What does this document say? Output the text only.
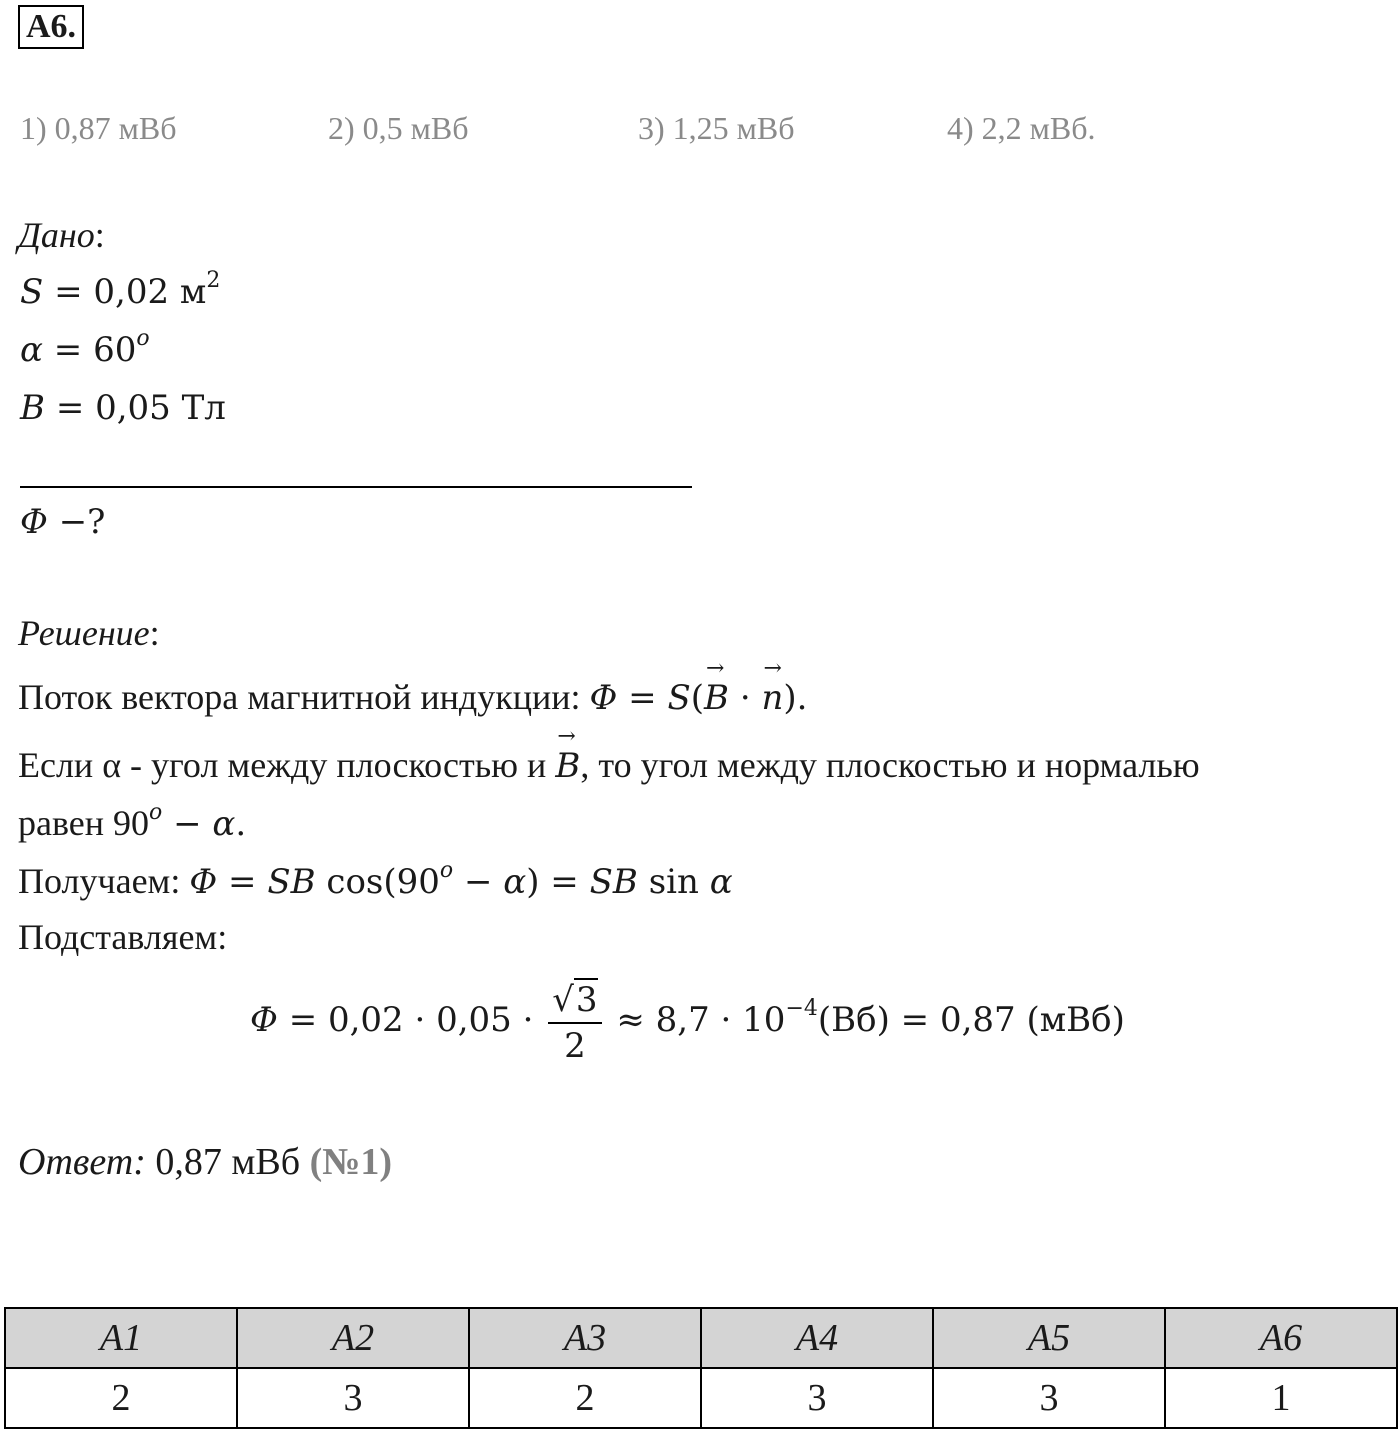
A6.
1) 0,87 мВб	2) 0,5 мВб	3) 1,25 мВб	4) 2,2 мВб.
Дано:
S = 0,02 $м^2$
$\alpha = 60^o$
B = 0,05 Тл
Φ −?
Решение:
Поток вектора магнитной индукции: Φ = S(→ B · → n).
Если α - угол между плоскостью и → B, то угол между плоскостью и нормалью
равен $90^o - \alpha$.
Получаем: Φ = SB $\cos(90^o - \alpha)$ = SB sin α
Подставляем:
$\Phi = 0,02 \cdot 0,05 \cdot \frac{√3}{2} \approx 8,7 \cdot 10^{-4}(Вб) = 0,87$ (мВб)
Ответ: 0,87 мВб (№1)
A1	A2	A3	A4	A5	A6
2	3	2	3	3	1
